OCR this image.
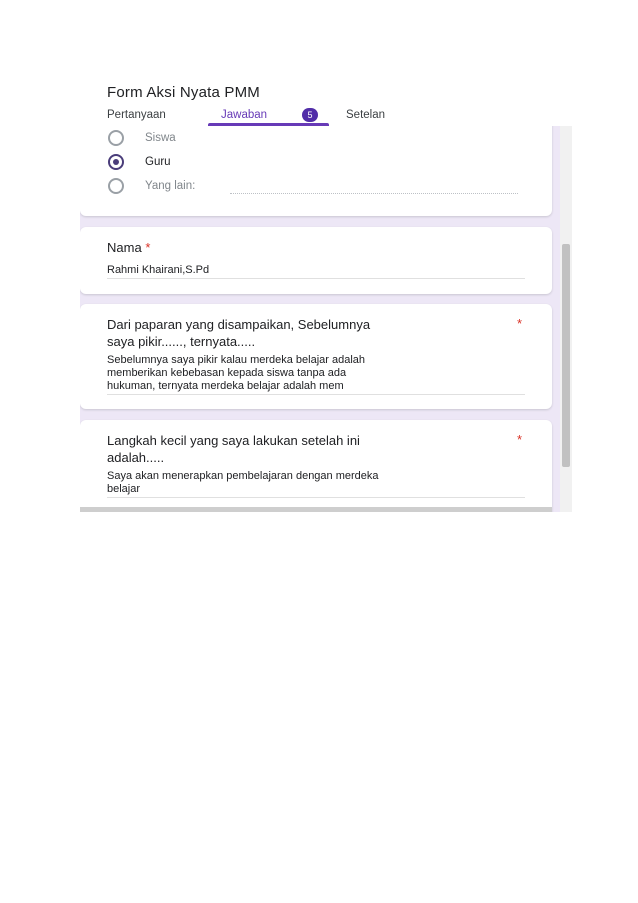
Form Aksi Nyata PMM
Pertanyaan	Jawaban	5	Setelan
Siswa
Guru
Yang lain:
Nama *
Rahmi Khairani,S.Pd
Dari paparan yang disampaikan, Sebelumnya
saya pikir......, ternyata.....
*
Sebelumnya saya pikir kalau merdeka belajar adalah
memberikan kebebasan kepada siswa tanpa ada
hukuman, ternyata merdeka belajar adalah mem
Langkah kecil yang saya lakukan setelah ini
adalah.....
*
Saya akan menerapkan pembelajaran dengan merdeka
belajar
